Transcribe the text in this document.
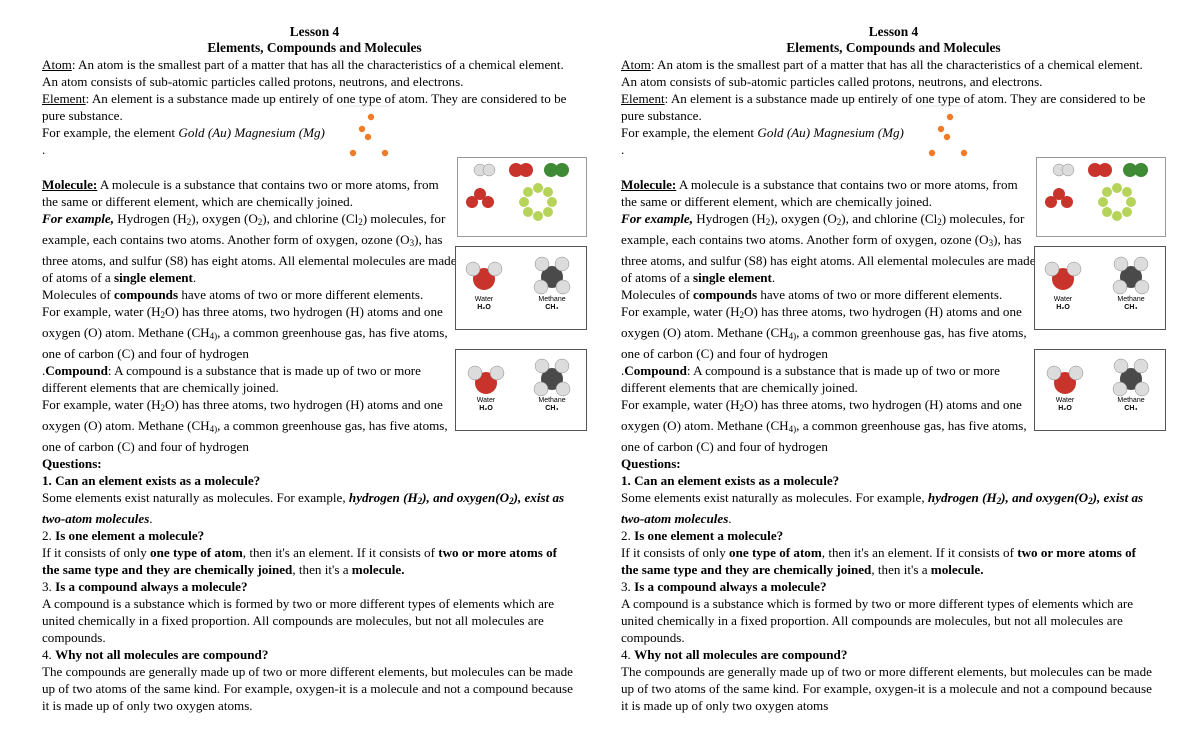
Lesson 4
Elements, Compounds and Molecules

Atom: An atom is the smallest part of a matter that has all the characteristics of a chemical element.

An atom consists of sub-atomic particles called protons, neutrons, and electrons.

Element: An element is a substance made up entirely of one type of atom. They are considered to be

pure substance.

For example, the element Gold (Au) Magnesium (Mg)

.

Molecule: A molecule is a substance that contains two or more atoms, from the same or different element, which are chemically joined.

For example, Hydrogen $(H_2)$, oxygen $(O_2)$, and chlorine $(Cl_2)$ molecules, for example, each contains two atoms. Another form of oxygen, ozone $(O_3)$, has three atoms, and sulfur (S8) has eight atoms. All elemental molecules are made of atoms of a single element.

Molecules of compounds have atoms of two or more different elements.

For example, water $(H_2O)$ has three atoms, two hydrogen (H) atoms and one oxygen (O) atom. Methane ($CH_{4)}$, a common greenhouse gas, has five atoms, one of carbon (C) and four of hydrogen

.Compound: A compound is a substance that is made up of two or more different elements that are chemically joined.

For example, water $(H_2O)$ has three atoms, two hydrogen (H) atoms and one oxygen (O) atom. Methane ($CH_{4)}$, a common greenhouse gas, has five atoms, one of carbon (C) and four of hydrogen

Questions:

1. Can an element exists as a molecule?

Some elements exist naturally as molecules. For example, hydrogen $(H_2)$, and $oxygen(O_2)$, exist as

two-atom molecules.

2. Is one element a molecule?

If it consists of only one type of atom, then it's an element. If it consists of two or more atoms of

the same type and they are chemically joined, then it's a molecule.

3. Is a compound always a molecule?

A compound is a substance which is formed by two or more different types of elements which are

united chemically in a fixed proportion. All compounds are molecules, but not all molecules are

compounds.

4. Why not all molecules are compound?

The compounds are generally made up of two or more different elements, but molecules can be made

up of two atoms of the same kind. For example, oxygen-it is a molecule and not a compound because

it is made up of only two oxygen atoms.

Lesson 4
Elements, Compounds and Molecules

Atom: An atom is the smallest part of a matter that has all the characteristics of a chemical element.

An atom consists of sub-atomic particles called protons, neutrons, and electrons.

Element: An element is a substance made up entirely of one type of atom. They are considered to be

pure substance.

For example, the element Gold (Au) Magnesium (Mg)

.

Molecule: A molecule is a substance that contains two or more atoms, from the same or different element, which are chemically joined.

For example, Hydrogen $(H_2)$, oxygen $(O_2)$, and chlorine $(Cl_2)$ molecules, for example, each contains two atoms. Another form of oxygen, ozone $(O_3)$, has three atoms, and sulfur (S8) has eight atoms. All elemental molecules are made of atoms of a single element.

Molecules of compounds have atoms of two or more different elements.

For example, water $(H_2O)$ has three atoms, two hydrogen (H) atoms and one oxygen (O) atom. Methane ($CH_{4)}$, a common greenhouse gas, has five atoms, one of carbon (C) and four of hydrogen

.Compound: A compound is a substance that is made up of two or more different elements that are chemically joined.

For example, water $(H_2O)$ has three atoms, two hydrogen (H) atoms and one oxygen (O) atom. Methane ($CH_{4)}$, a common greenhouse gas, has five atoms, one of carbon (C) and four of hydrogen

Questions:

1. Can an element exists as a molecule?

Some elements exist naturally as molecules. For example, hydrogen $(H_2)$, and $oxygen(O_2)$, exist as

two-atom molecules.

2. Is one element a molecule?

If it consists of only one type of atom, then it's an element. If it consists of two or more atoms of

the same type and they are chemically joined, then it's a molecule.

3. Is a compound always a molecule?

A compound is a substance which is formed by two or more different types of elements which are

united chemically in a fixed proportion. All compounds are molecules, but not all molecules are

compounds.

4. Why not all molecules are compound?

The compounds are generally made up of two or more different elements, but molecules can be made

up of two atoms of the same kind. For example, oxygen-it is a molecule and not a compound because

it is made up of only two oxygen atoms

Water
H₂O
Methane
CH₄
Water
H₂O
Methane
CH₄
Water
H₂O
Methane
CH₄
Water
H₂O
Methane
CH₄
